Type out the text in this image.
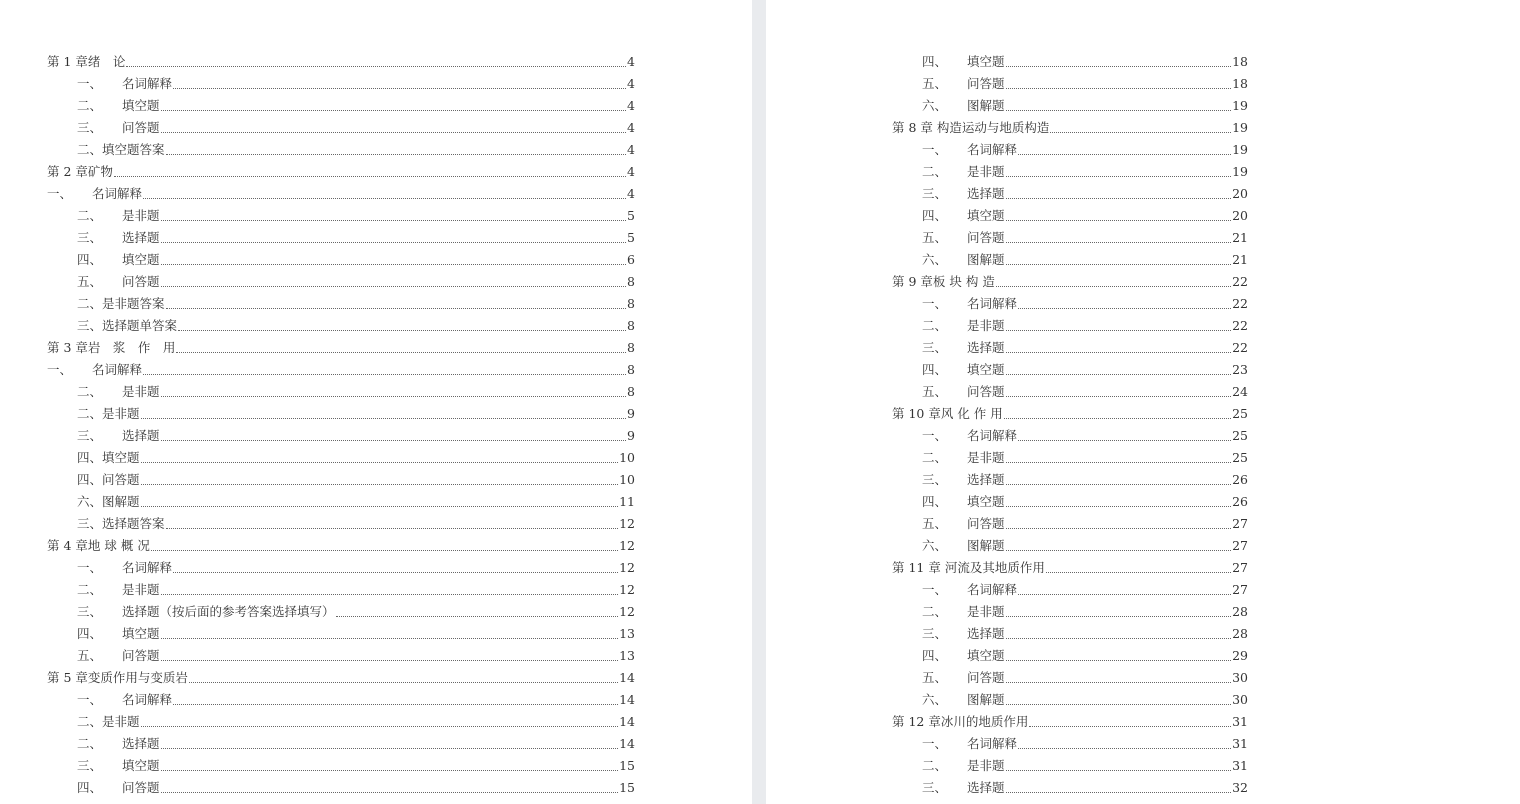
第 1 章绪　论	4
一、	名词解释	4
二、	填空题	4
三、	问答题	4
二、填空题答案	4
第 2 章矿物	4
一、	名词解释	4
二、	是非题	5
三、	选择题	5
四、	填空题	6
五、	问答题	8
二、是非题答案	8
三、选择题单答案	8
第 3 章岩　浆　作　用	8
一、	名词解释	8
二、	是非题	8
二、是非题	9
三、	选择题	9
四、填空题	10
四、问答题	10
六、图解题	11
三、选择题答案	12
第 4 章地 球 概 况	12
一、	名词解释	12
二、	是非题	12
三、	选择题（按后面的参考答案选择填写）	12
四、	填空题	13
五、	问答题	13
第 5 章变质作用与变质岩	14
一、	名词解释	14
二、是非题	14
二、	选择题	14
三、	填空题	15
四、	问答题	15
四、	填空题	18
五、	问答题	18
六、	图解题	19
第 8 章 构造运动与地质构造	19
一、	名词解释	19
二、	是非题	19
三、	选择题	20
四、	填空题	20
五、	问答题	21
六、	图解题	21
第 9 章板 块 构 造	22
一、	名词解释	22
二、	是非题	22
三、	选择题	22
四、	填空题	23
五、	问答题	24
第 10 章风 化 作 用	25
一、	名词解释	25
二、	是非题	25
三、	选择题	26
四、	填空题	26
五、	问答题	27
六、	图解题	27
第 11 章 河流及其地质作用	27
一、	名词解释	27
二、	是非题	28
三、	选择题	28
四、	填空题	29
五、	问答题	30
六、	图解题	30
第 12 章冰川的地质作用	31
一、	名词解释	31
二、	是非题	31
三、	选择题	32
